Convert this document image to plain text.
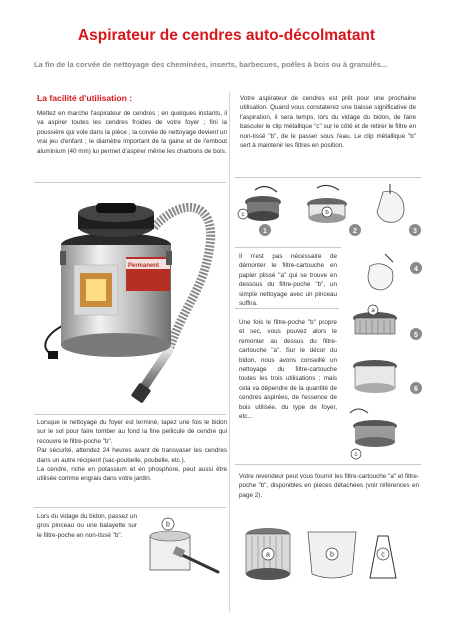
Aspirateur de cendres auto-décolmatant
La fin de la corvée de nettoyage des cheminées, inserts, barbecues, poêles à bois ou à granulés...
La facilité d'utilisation :
Mettez en marche l'aspirateur de cendres ; en quelques instants, il va aspirer toutes les cendres froides de votre foyer ; fini la poussière qui vole dans la pièce ; la corvée de nettoyage devient un vrai jeu d'enfant ; le diamètre important de la gaine et de l'embout aluminium (40 mm) lui permet d'aspirer même les charbons de bois.
Votre aspirateur de cendres est prêt pour une prochaine utilisation. Quand vous constaterez une baisse significative de l'aspiration, il sera temps, lors du vidage du bidon, de faire basculer le clip métallique "c" sur le côté et de retirer le filtre en non-tissé "b", de le passer sous l'eau. Le clip métallique "b" sert à maintenir les filtres en position.
Permanent
c	b
1	2	3
Il n'est pas nécessaire de démonter le filtre-cartouche en papier plissé "a" qui se trouve en dessous du filtre-poche "b", un simple nettoyage avec un pinceau suffira.
Une fois le filtre-poche "b" propre et sec, vous pouvez alors le remonter au dessus du filtre-cartouche "a". Sur le décor du bidon, nous avons conseillé un nettoyage du filtre-cartouche toutes les trois utilisations ; mais cela va dépendre de la quantité de cendres aspirées, de l'essence de bois utilisée, du type de foyer, etc...
4
a
5
6
c
Lorsque le nettoyage du foyer est terminé, tapez une fois le bidon sur le sol pour faire tomber au fond la fine pellicule de cendre qui recouvre le filtre-poche "b".
Par sécurité, attendez 24 heures avant de transvaser les cendres dans un autre récipient (sac-poubelle, poubelle, etc.).
La cendre, riche en potassium et en phosphore, peut aussi être utilisée comme engrais dans votre jardin.
Lors du vidage du bidon, passez un gros pinceau ou une balayette sur le filtre-poche en non-tissé "b".
b
Votre revendeur peut vous fournir les filtre-cartouche "a" et filtre-poche "b", disponibles en pièces détachées (voir références en page 2).
a	b	c
